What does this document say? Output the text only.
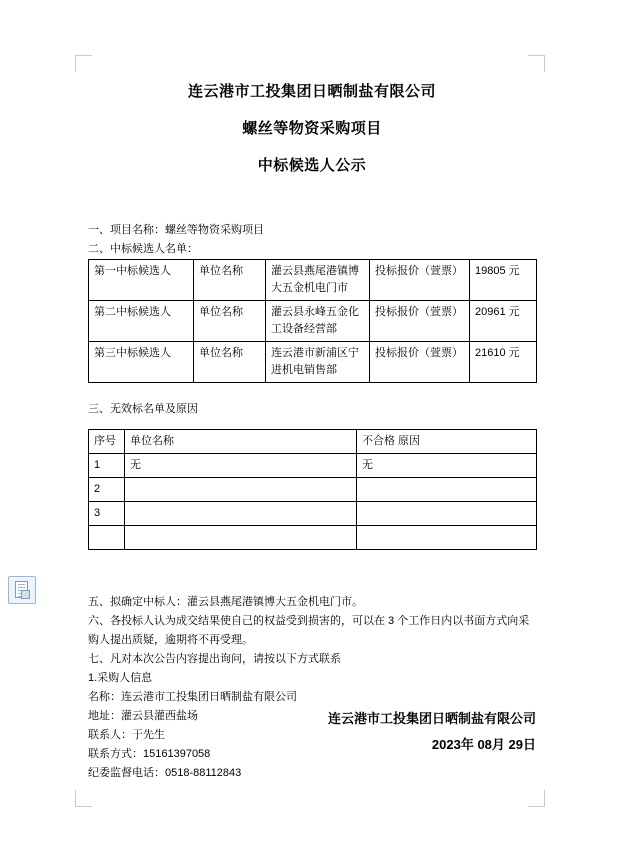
连云港市工投集团日晒制盐有限公司
螺丝等物资采购项目
中标候选人公示

一、项目名称：螺丝等物资采购项目

二、中标候选人名单：

第一中标候选人	单位名称	灌云县燕尾港镇博大五金机电门市	投标报价（萱票）	19805 元
第二中标候选人	单位名称	灌云县永峰五金化工设备经营部	投标报价（萱票）	20961 元
第三中标候选人	单位名称	连云港市新浦区宁进机电销售部	投标报价（萱票）	21610 元

三、无效标名单及原因

序号	单位名称	不合格 原因
1	无	无
2		
3		

五、拟确定中标人：灌云县燕尾港镇博大五金机电门市。

六、各投标人认为成交结果使自己的权益受到损害的，可以在 3 个工作日内以书面方式向采购人提出质疑，逾期将不再受理。

七、凡对本次公告内容提出询问，请按以下方式联系

1.采购人信息

名称：连云港市工投集团日晒制盐有限公司

地址：灌云县灌西盐场

联系人：于先生

联系方式：15161397058

纪委监督电话：0518-88112843

连云港市工投集团日晒制盐有限公司
2023年 08月 29日
